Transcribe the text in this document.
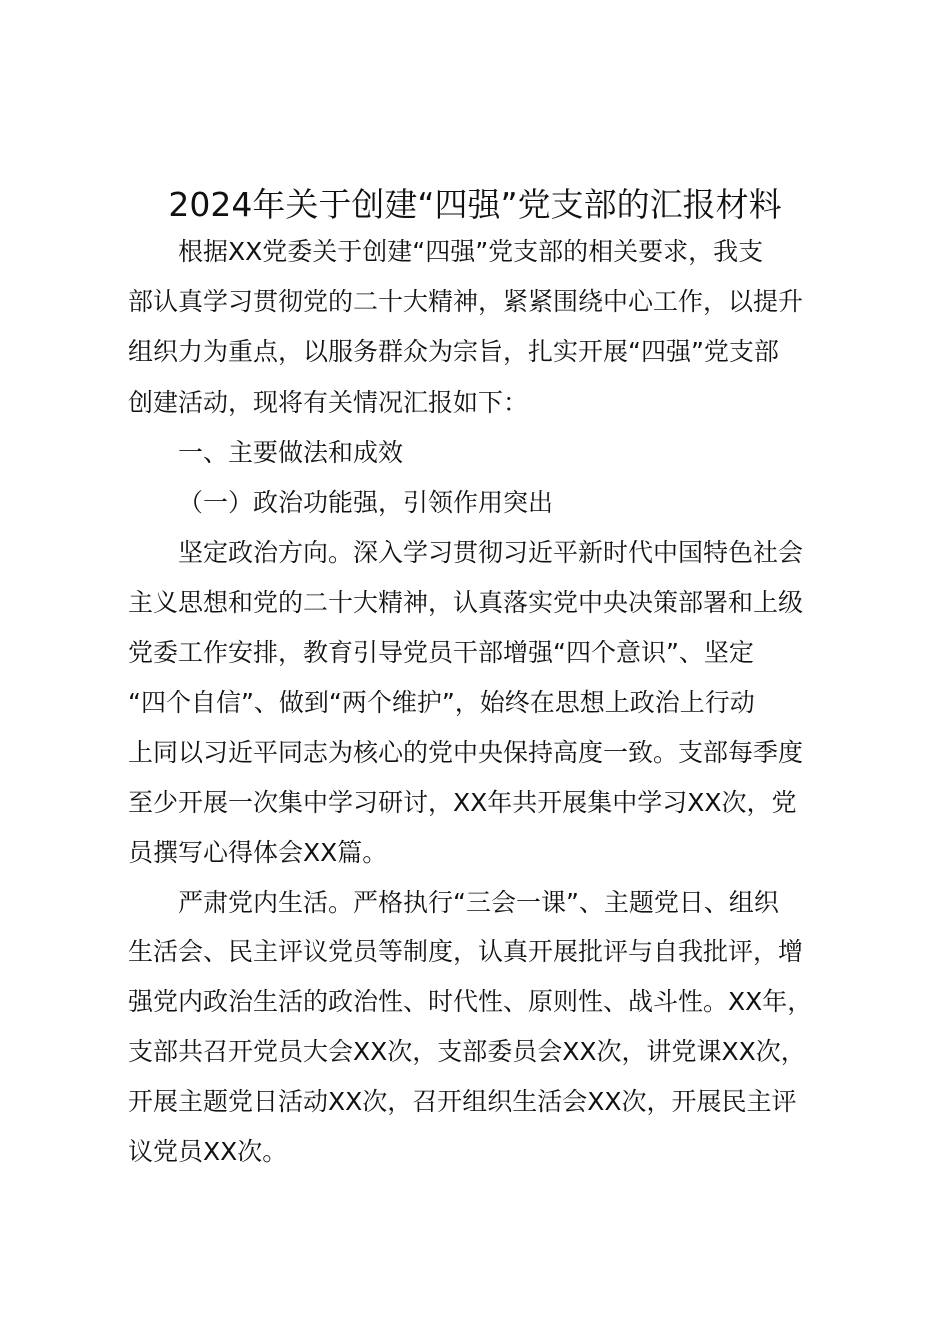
2024年关于创建“四强”党支部的汇报材料
根据XX党委关于创建“四强”党支部的相关要求，我支
部认真学习贯彻党的二十大精神，紧紧围绕中心工作，以提升
组织力为重点，以服务群众为宗旨，扎实开展“四强”党支部
创建活动，现将有关情况汇报如下：
一、主要做法和成效
（一）政治功能强，引领作用突出
坚定政治方向。深入学习贯彻习近平新时代中国特色社会
主义思想和党的二十大精神，认真落实党中央决策部署和上级
党委工作安排，教育引导党员干部增强“四个意识”、坚定
“四个自信”、做到“两个维护”，始终在思想上政治上行动
上同以习近平同志为核心的党中央保持高度一致。支部每季度
至少开展一次集中学习研讨，XX年共开展集中学习XX次，党
员撰写心得体会XX篇。
严肃党内生活。严格执行“三会一课”、主题党日、组织
生活会、民主评议党员等制度，认真开展批评与自我批评，增
强党内政治生活的政治性、时代性、原则性、战斗性。XX年，
支部共召开党员大会XX次，支部委员会XX次，讲党课XX次，
开展主题党日活动XX次，召开组织生活会XX次，开展民主评
议党员XX次。
